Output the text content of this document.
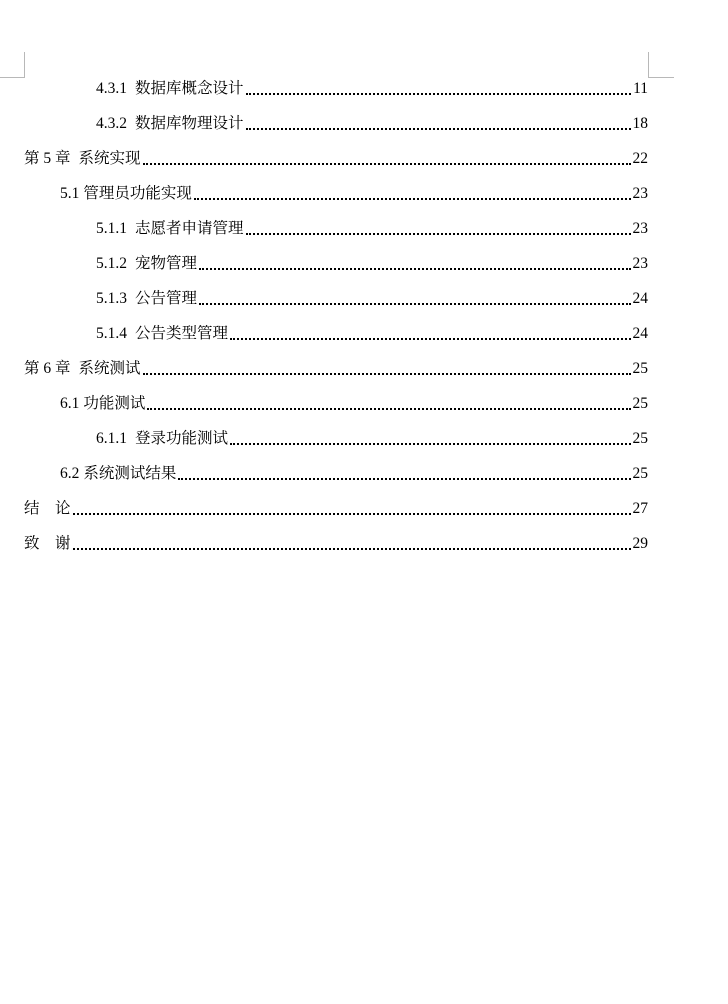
4.3.1 数据库概念设计	11
4.3.2 数据库物理设计	18
第 5 章 系统实现	22
5.1 管理员功能实现	23
5.1.1 志愿者申请管理	23
5.1.2 宠物管理	23
5.1.3 公告管理	24
5.1.4 公告类型管理	24
第 6 章 系统测试	25
6.1 功能测试	25
6.1.1 登录功能测试	25
6.2 系统测试结果	25
结　论	27
致　谢	29
